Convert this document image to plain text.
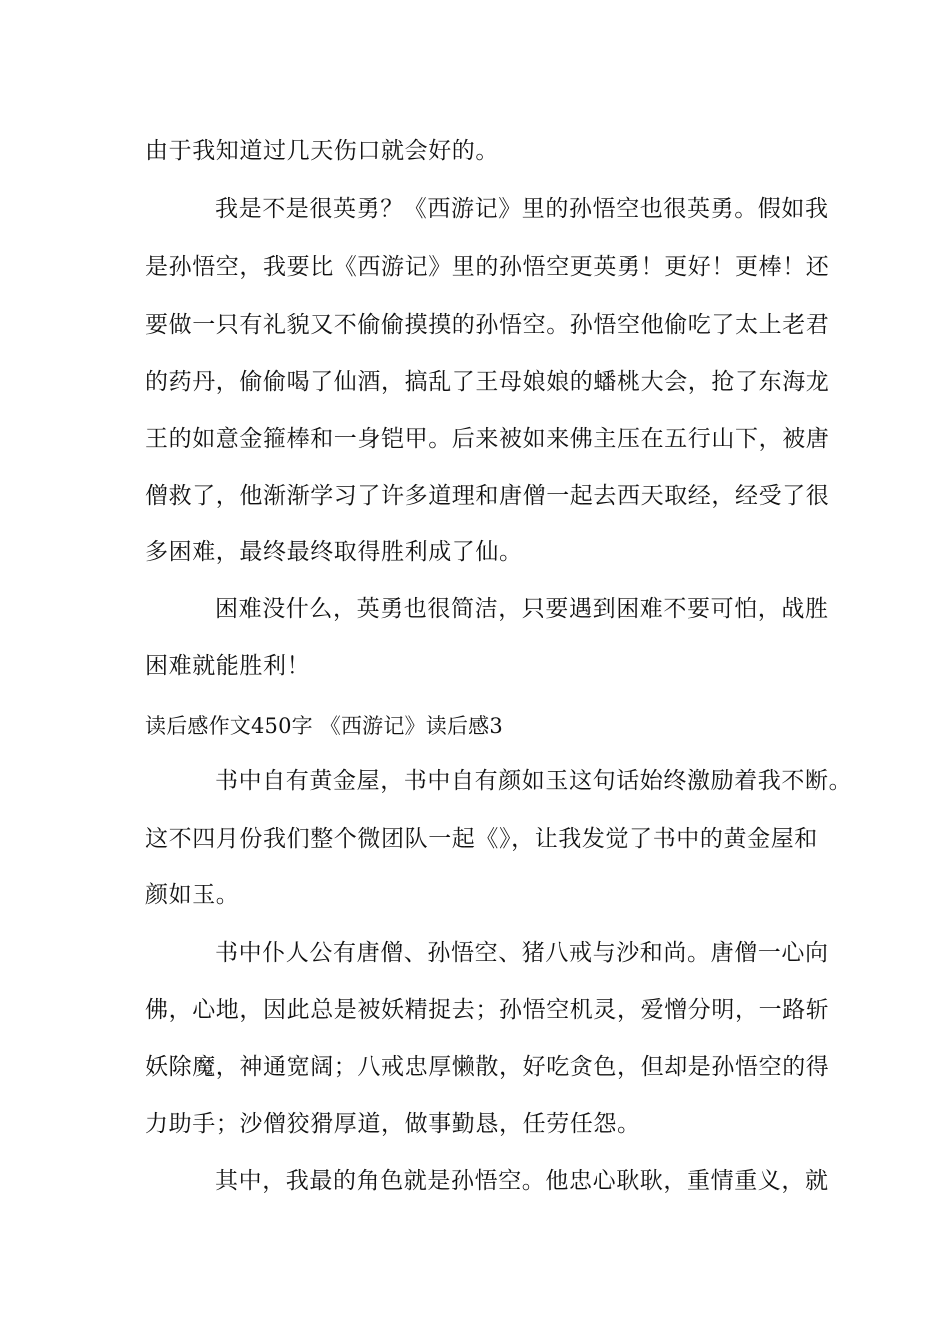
由于我知道过几天伤口就会好的。
我是不是很英勇？《西游记》里的孙悟空也很英勇。假如我
是孙悟空，我要比《西游记》里的孙悟空更英勇！更好！更棒！还
要做一只有礼貌又不偷偷摸摸的孙悟空。孙悟空他偷吃了太上老君
的药丹，偷偷喝了仙酒，搞乱了王母娘娘的蟠桃大会，抢了东海龙
王的如意金箍棒和一身铠甲。后来被如来佛主压在五行山下，被唐
僧救了，他渐渐学习了许多道理和唐僧一起去西天取经，经受了很
多困难，最终最终取得胜利成了仙。
困难没什么，英勇也很简洁，只要遇到困难不要可怕，战胜
困难就能胜利！
读后感作文450字 《西游记》读后感3
书中自有黄金屋，书中自有颜如玉这句话始终激励着我不断。
这不四月份我们整个微团队一起《》，让我发觉了书中的黄金屋和
颜如玉。
书中仆人公有唐僧、孙悟空、猪八戒与沙和尚。唐僧一心向
佛，心地，因此总是被妖精捉去；孙悟空机灵，爱憎分明，一路斩
妖除魔，神通宽阔；八戒忠厚懒散，好吃贪色，但却是孙悟空的得
力助手；沙僧狡猾厚道，做事勤恳，任劳任怨。
其中，我最的角色就是孙悟空。他忠心耿耿，重情重义，就
